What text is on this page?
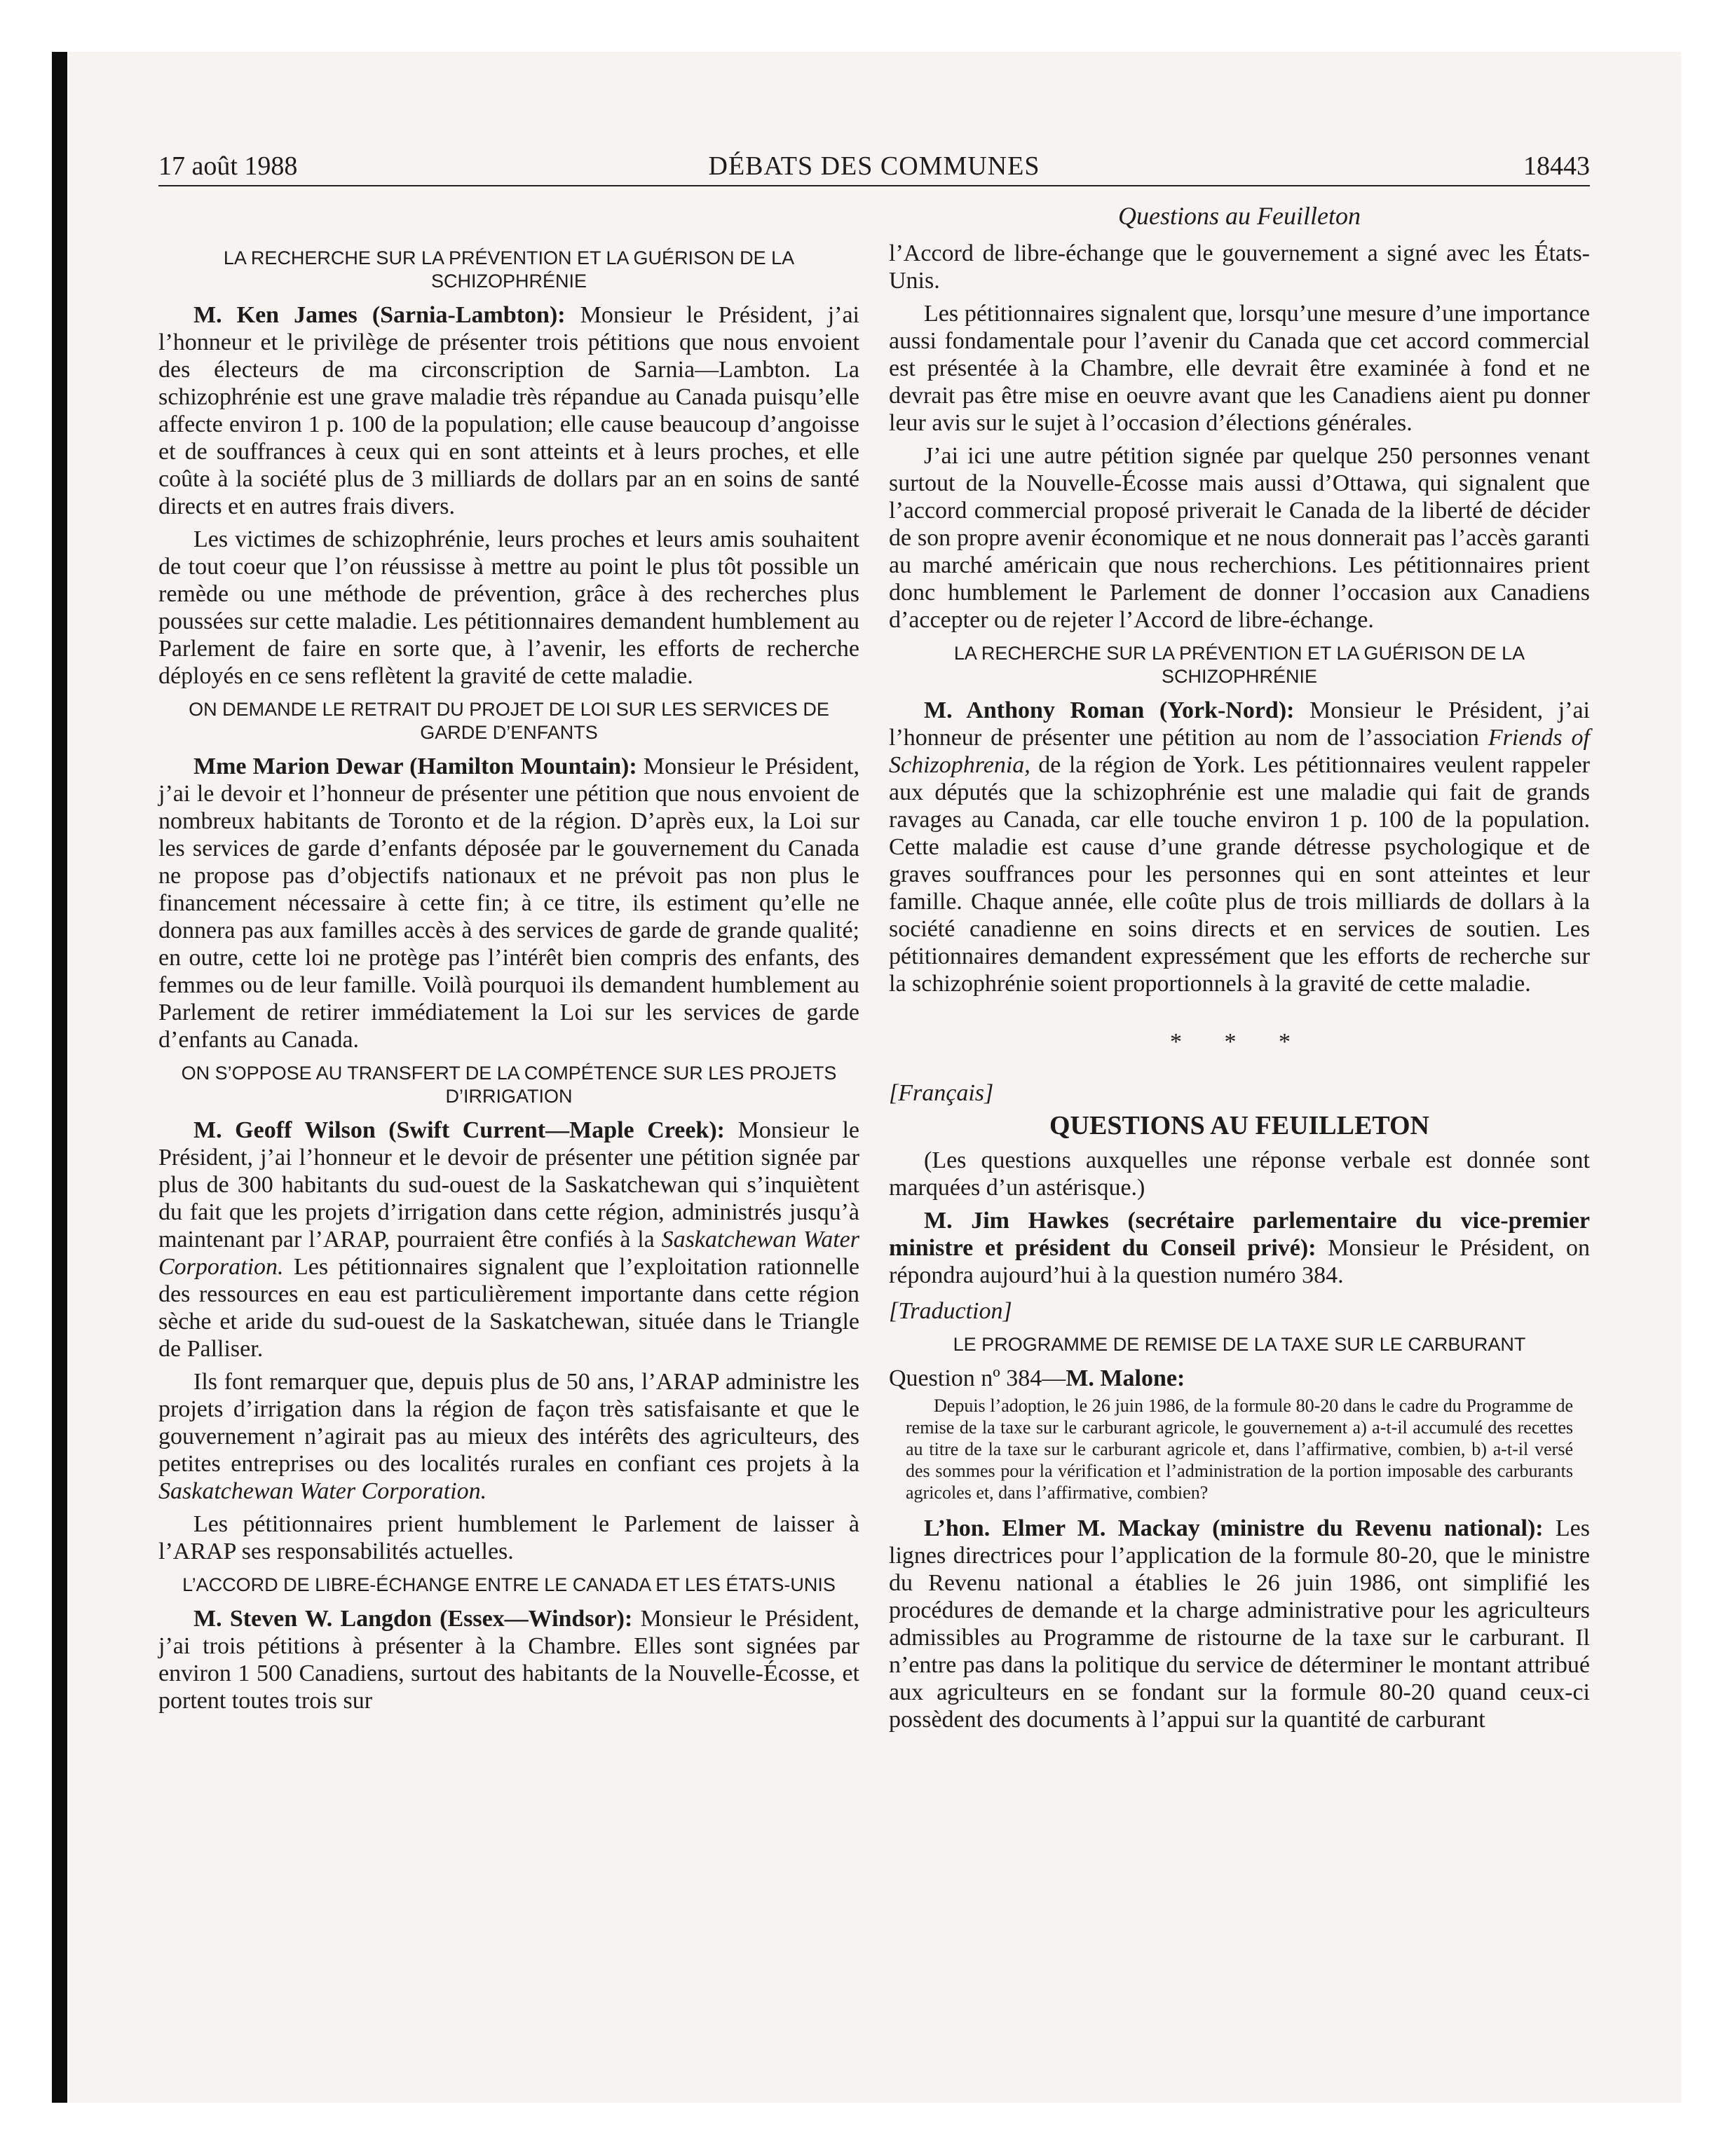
17 août 1988	DÉBATS DES COMMUNES	18443
LA RECHERCHE SUR LA PRÉVENTION ET LA GUÉRISON DE LA SCHIZOPHRÉNIE

M. Ken James (Sarnia-Lambton): Monsieur le Président, j’ai l’honneur et le privilège de présenter trois pétitions que nous envoient des électeurs de ma circonscription de Sarnia—Lambton. La schizophrénie est une grave maladie très répandue au Canada puisqu’elle affecte environ 1 p. 100 de la population; elle cause beaucoup d’angoisse et de souffrances à ceux qui en sont atteints et à leurs proches, et elle coûte à la société plus de 3 milliards de dollars par an en soins de santé directs et en autres frais divers.

Les victimes de schizophrénie, leurs proches et leurs amis souhaitent de tout coeur que l’on réussisse à mettre au point le plus tôt possible un remède ou une méthode de prévention, grâce à des recherches plus poussées sur cette maladie. Les pétitionnaires demandent humblement au Parlement de faire en sorte que, à l’avenir, les efforts de recherche déployés en ce sens reflètent la gravité de cette maladie.

ON DEMANDE LE RETRAIT DU PROJET DE LOI SUR LES SERVICES DE GARDE D’ENFANTS

Mme Marion Dewar (Hamilton Mountain): Monsieur le Président, j’ai le devoir et l’honneur de présenter une pétition que nous envoient de nombreux habitants de Toronto et de la région. D’après eux, la Loi sur les services de garde d’enfants déposée par le gouvernement du Canada ne propose pas d’objectifs nationaux et ne prévoit pas non plus le financement nécessaire à cette fin; à ce titre, ils estiment qu’elle ne donnera pas aux familles accès à des services de garde de grande qualité; en outre, cette loi ne protège pas l’intérêt bien compris des enfants, des femmes ou de leur famille. Voilà pourquoi ils demandent humblement au Parlement de retirer immédiatement la Loi sur les services de garde d’enfants au Canada.

ON S’OPPOSE AU TRANSFERT DE LA COMPÉTENCE SUR LES PROJETS D’IRRIGATION

M. Geoff Wilson (Swift Current—Maple Creek): Monsieur le Président, j’ai l’honneur et le devoir de présenter une pétition signée par plus de 300 habitants du sud-ouest de la Saskatchewan qui s’inquiètent du fait que les projets d’irrigation dans cette région, administrés jusqu’à maintenant par l’ARAP, pourraient être confiés à la Saskatchewan Water Corporation. Les pétitionnaires signalent que l’exploitation rationnelle des ressources en eau est particulièrement importante dans cette région sèche et aride du sud-ouest de la Saskatchewan, située dans le Triangle de Palliser.

Ils font remarquer que, depuis plus de 50 ans, l’ARAP administre les projets d’irrigation dans la région de façon très satisfaisante et que le gouvernement n’agirait pas au mieux des intérêts des agriculteurs, des petites entreprises ou des localités rurales en confiant ces projets à la Saskatchewan Water Corporation.

Les pétitionnaires prient humblement le Parlement de laisser à l’ARAP ses responsabilités actuelles.

L’ACCORD DE LIBRE-ÉCHANGE ENTRE LE CANADA ET LES ÉTATS-UNIS

M. Steven W. Langdon (Essex—Windsor): Monsieur le Président, j’ai trois pétitions à présenter à la Chambre. Elles sont signées par environ 1 500 Canadiens, surtout des habitants de la Nouvelle-Écosse, et portent toutes trois sur

Questions au Feuilleton

l’Accord de libre-échange que le gouvernement a signé avec les États-Unis.

Les pétitionnaires signalent que, lorsqu’une mesure d’une importance aussi fondamentale pour l’avenir du Canada que cet accord commercial est présentée à la Chambre, elle devrait être examinée à fond et ne devrait pas être mise en oeuvre avant que les Canadiens aient pu donner leur avis sur le sujet à l’occasion d’élections générales.

J’ai ici une autre pétition signée par quelque 250 personnes venant surtout de la Nouvelle-Écosse mais aussi d’Ottawa, qui signalent que l’accord commercial proposé priverait le Canada de la liberté de décider de son propre avenir économique et ne nous donnerait pas l’accès garanti au marché américain que nous recherchions. Les pétitionnaires prient donc humblement le Parlement de donner l’occasion aux Canadiens d’accepter ou de rejeter l’Accord de libre-échange.

LA RECHERCHE SUR LA PRÉVENTION ET LA GUÉRISON DE LA SCHIZOPHRÉNIE

M. Anthony Roman (York-Nord): Monsieur le Président, j’ai l’honneur de présenter une pétition au nom de l’association Friends of Schizophrenia, de la région de York. Les pétitionnaires veulent rappeler aux députés que la schizophrénie est une maladie qui fait de grands ravages au Canada, car elle touche environ 1 p. 100 de la population. Cette maladie est cause d’une grande détresse psychologique et de graves souffrances pour les personnes qui en sont atteintes et leur famille. Chaque année, elle coûte plus de trois milliards de dollars à la société canadienne en soins directs et en services de soutien. Les pétitionnaires demandent expressément que les efforts de recherche sur la schizophrénie soient proportionnels à la gravité de cette maladie.

* * *
[Français]
QUESTIONS AU FEUILLETON

(Les questions auxquelles une réponse verbale est donnée sont marquées d’un astérisque.)

M. Jim Hawkes (secrétaire parlementaire du vice-premier ministre et président du Conseil privé): Monsieur le Président, on répondra aujourd’hui à la question numéro 384.

[Traduction]
LE PROGRAMME DE REMISE DE LA TAXE SUR LE CARBURANT
Question nº 384—M. Malone:
Depuis l’adoption, le 26 juin 1986, de la formule 80-20 dans le cadre du Programme de remise de la taxe sur le carburant agricole, le gouvernement a) a-t-il accumulé des recettes au titre de la taxe sur le carburant agricole et, dans l’affirmative, combien, b) a-t-il versé des sommes pour la vérification et l’administration de la portion imposable des carburants agricoles et, dans l’affirmative, combien?

L’hon. Elmer M. Mackay (ministre du Revenu national): Les lignes directrices pour l’application de la formule 80-20, que le ministre du Revenu national a établies le 26 juin 1986, ont simplifié les procédures de demande et la charge administrative pour les agriculteurs admissibles au Programme de ristourne de la taxe sur le carburant. Il n’entre pas dans la politique du service de déterminer le montant attribué aux agriculteurs en se fondant sur la formule 80-20 quand ceux-ci possèdent des documents à l’appui sur la quantité de carburant
